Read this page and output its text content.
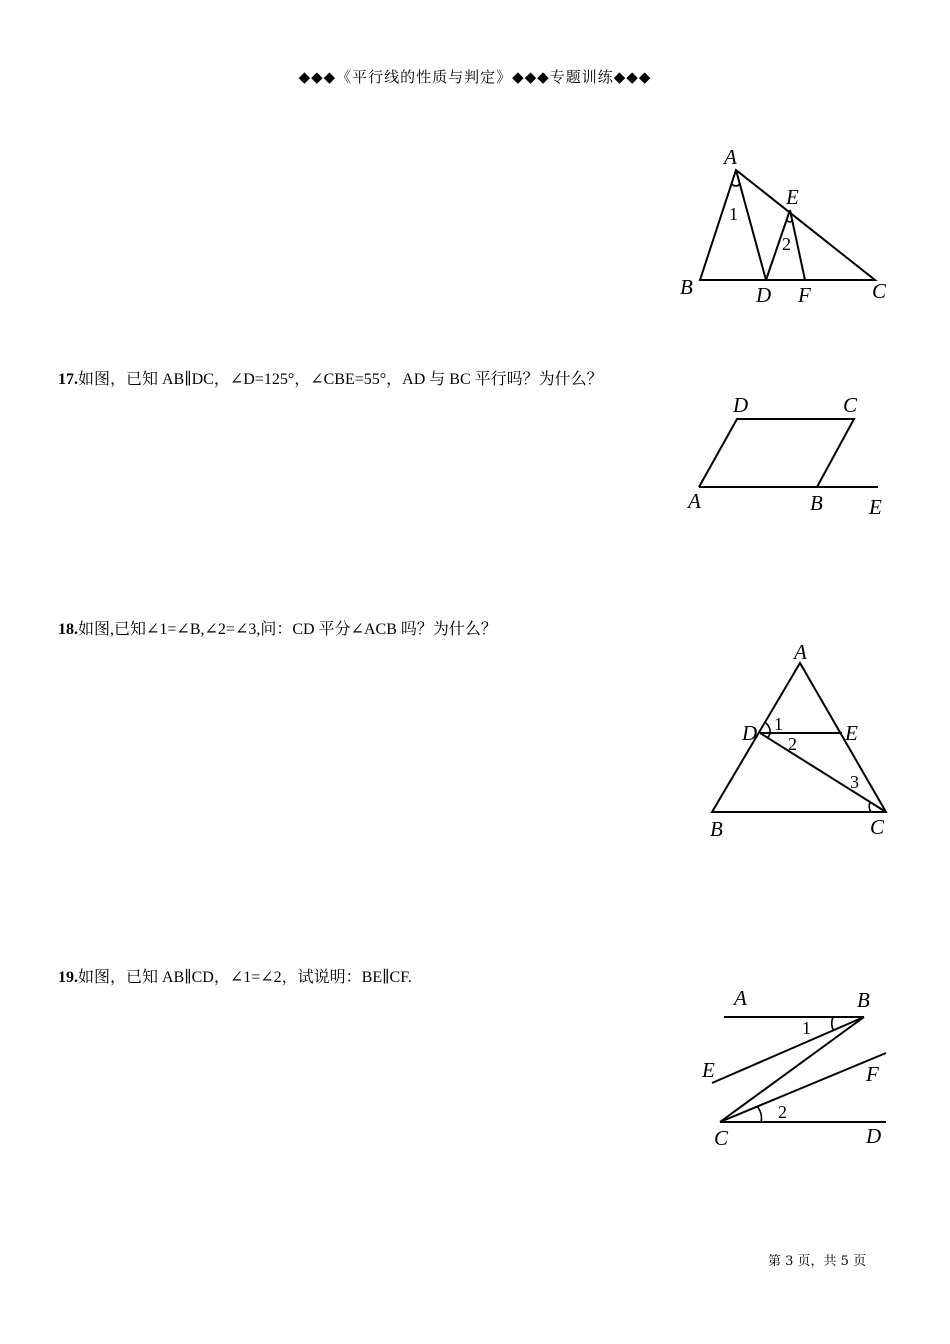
◆◆◆《平行线的性质与判定》◆◆◆专题训练◆◆◆
A
B	C
D
E
F
1
2
17.如图，已知 AB∥DC，∠D=125°，∠CBE=55°，AD 与 BC 平行吗？为什么？
D	C
A	B E
18.如图,已知∠1=∠B,∠2=∠3,问：CD 平分∠ACB 吗？为什么？
A
B	C
D	E
1
2
3
19.如图，已知 AB∥CD，∠1=∠2，试说明：BE∥CF.
A	B
E	F
C	D
1
2
第 3 页，共 5 页
